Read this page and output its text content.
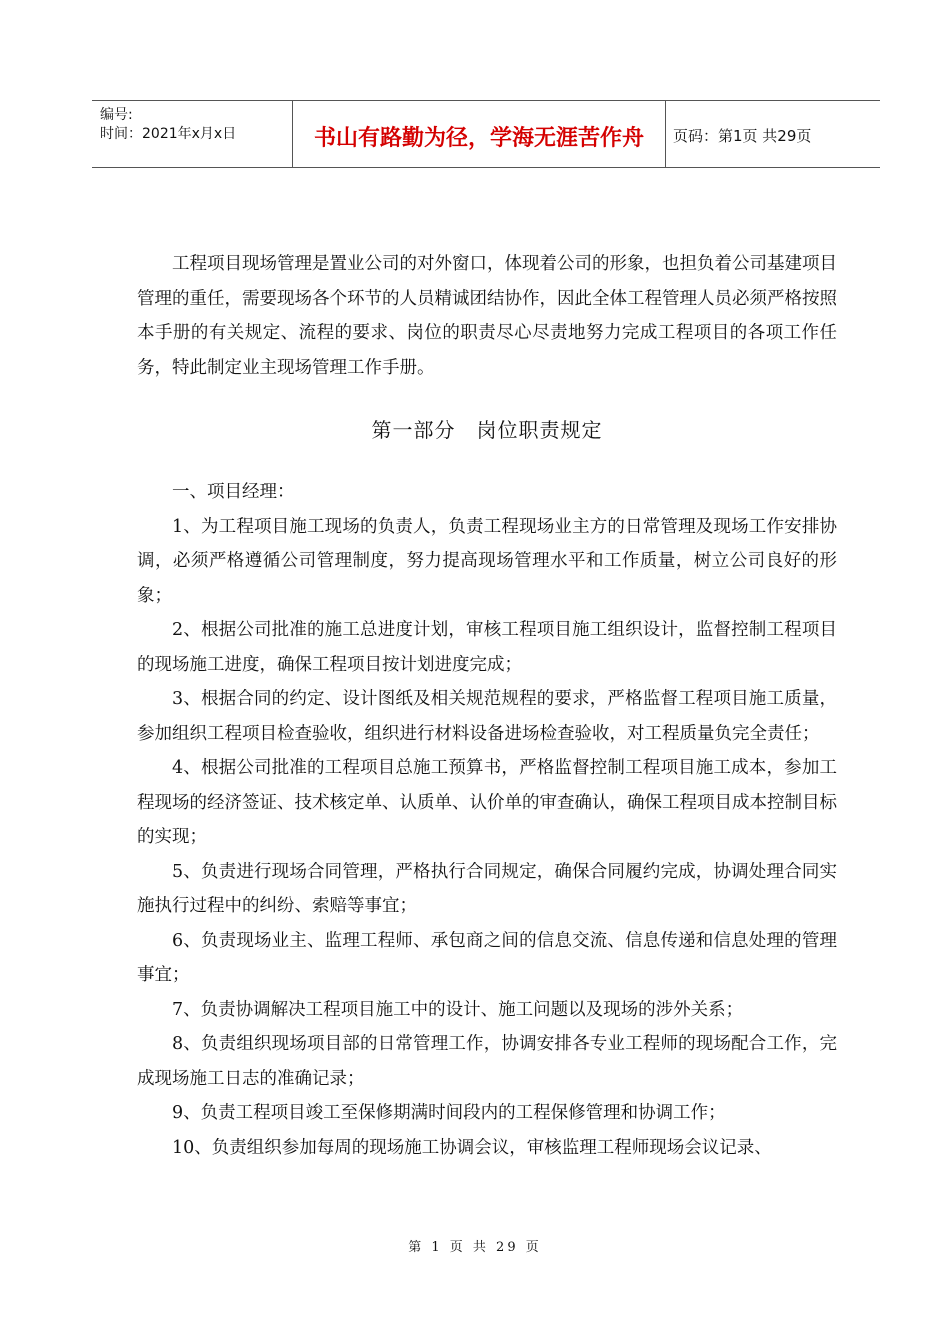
编号:
时间：2021年x月x日	书山有路勤为径，学海无涯苦作舟	页码：第1页 共29页

工程项目现场管理是置业公司的对外窗口，体现着公司的形象，也担负着公司基建项目管理的重任，需要现场各个环节的人员精诚团结协作，因此全体工程管理人员必须严格按照本手册的有关规定、流程的要求、岗位的职责尽心尽责地努力完成工程项目的各项工作任务，特此制定业主现场管理工作手册。

第一部分　岗位职责规定

一、项目经理：

1、为工程项目施工现场的负责人，负责工程现场业主方的日常管理及现场工作安排协调，必须严格遵循公司管理制度，努力提高现场管理水平和工作质量，树立公司良好的形象；

2、根据公司批准的施工总进度计划，审核工程项目施工组织设计，监督控制工程项目的现场施工进度，确保工程项目按计划进度完成；

3、根据合同的约定、设计图纸及相关规范规程的要求，严格监督工程项目施工质量，参加组织工程项目检查验收，组织进行材料设备进场检查验收，对工程质量负完全责任；

4、根据公司批准的工程项目总施工预算书，严格监督控制工程项目施工成本，参加工程现场的经济签证、技术核定单、认质单、认价单的审查确认，确保工程项目成本控制目标的实现；

5、负责进行现场合同管理，严格执行合同规定，确保合同履约完成，协调处理合同实施执行过程中的纠纷、索赔等事宜；

6、负责现场业主、监理工程师、承包商之间的信息交流、信息传递和信息处理的管理事宜；

7、负责协调解决工程项目施工中的设计、施工问题以及现场的涉外关系；

8、负责组织现场项目部的日常管理工作，协调安排各专业工程师的现场配合工作，完成现场施工日志的准确记录；

9、负责工程项目竣工至保修期满时间段内的工程保修管理和协调工作；

10、负责组织参加每周的现场施工协调会议，审核监理工程师现场会议记录、

第 1 页 共 29 页
